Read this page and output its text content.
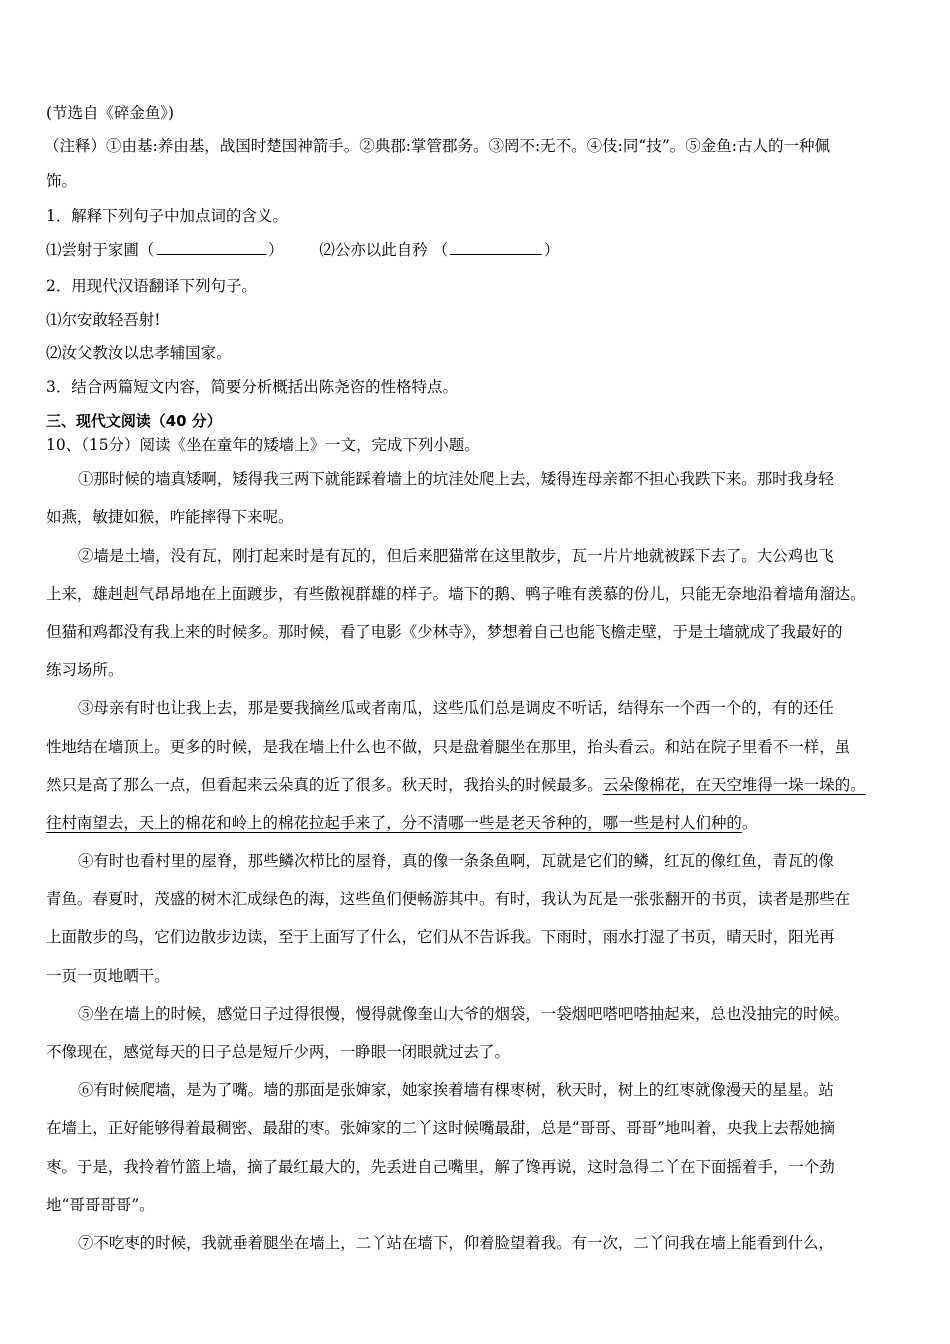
(节选自《碎金鱼》)
（注释）①由基:养由基，战国时楚国神箭手。②典郡:掌管郡务。③罔不:无不。④伎:同“技”。⑤金鱼:古人的一种佩
饰。
1．解释下列句子中加点词的含义。
⑴尝射于家圃（	） ⑵公亦以此自矜 （	）
2．用现代汉语翻译下列句子。
⑴尔安敢轻吾射!
⑵汝父教汝以忠孝辅国家。
3．结合两篇短文内容，简要分析概括出陈尧咨的性格特点。
三、现代文阅读（40 分）
10、（15分）阅读《坐在童年的矮墙上》一文，完成下列小题。
①那时候的墙真矮啊，矮得我三两下就能踩着墙上的坑洼处爬上去，矮得连母亲都不担心我跌下来。那时我身轻
如燕，敏捷如猴，咋能摔得下来呢。
②墙是土墙，没有瓦，刚打起来时是有瓦的，但后来肥猫常在这里散步，瓦一片片地就被踩下去了。大公鸡也飞
上来，雄赳赳气昂昂地在上面踱步，有些傲视群雄的样子。墙下的鹅、鸭子唯有羡慕的份儿，只能无奈地沿着墙角溜达。
但猫和鸡都没有我上来的时候多。那时候，看了电影《少林寺》，梦想着自己也能飞檐走壁，于是土墙就成了我最好的
练习场所。
③母亲有时也让我上去，那是要我摘丝瓜或者南瓜，这些瓜们总是调皮不听话，结得东一个西一个的，有的还任
性地结在墙顶上。更多的时候，是我在墙上什么也不做，只是盘着腿坐在那里，抬头看云。和站在院子里看不一样，虽
然只是高了那么一点，但看起来云朵真的近了很多。秋天时，我抬头的时候最多。云朵像棉花，在天空堆得一垛一垛的。
往村南望去，天上的棉花和岭上的棉花拉起手来了，分不清哪一些是老天爷种的，哪一些是村人们种的。
④有时也看村里的屋脊，那些鳞次栉比的屋脊，真的像一条条鱼啊，瓦就是它们的鳞，红瓦的像红鱼，青瓦的像
青鱼。春夏时，茂盛的树木汇成绿色的海，这些鱼们便畅游其中。有时，我认为瓦是一张张翻开的书页，读者是那些在
上面散步的鸟，它们边散步边读，至于上面写了什么，它们从不告诉我。下雨时，雨水打湿了书页，晴天时，阳光再
一页一页地晒干。
⑤坐在墙上的时候，感觉日子过得很慢，慢得就像奎山大爷的烟袋，一袋烟吧嗒吧嗒抽起来，总也没抽完的时候。
不像现在，感觉每天的日子总是短斤少两，一睁眼一闭眼就过去了。
⑥有时候爬墙，是为了嘴。墙的那面是张婶家，她家挨着墙有棵枣树，秋天时，树上的红枣就像漫天的星星。站
在墙上，正好能够得着最稠密、最甜的枣。张婶家的二丫这时候嘴最甜，总是“哥哥、哥哥”地叫着，央我上去帮她摘
枣。于是，我拎着竹篮上墙，摘了最红最大的，先丢进自己嘴里，解了馋再说，这时急得二丫在下面摇着手，一个劲
地“哥哥哥哥”。
⑦不吃枣的时候，我就垂着腿坐在墙上，二丫站在墙下，仰着脸望着我。有一次，二丫问我在墙上能看到什么，
